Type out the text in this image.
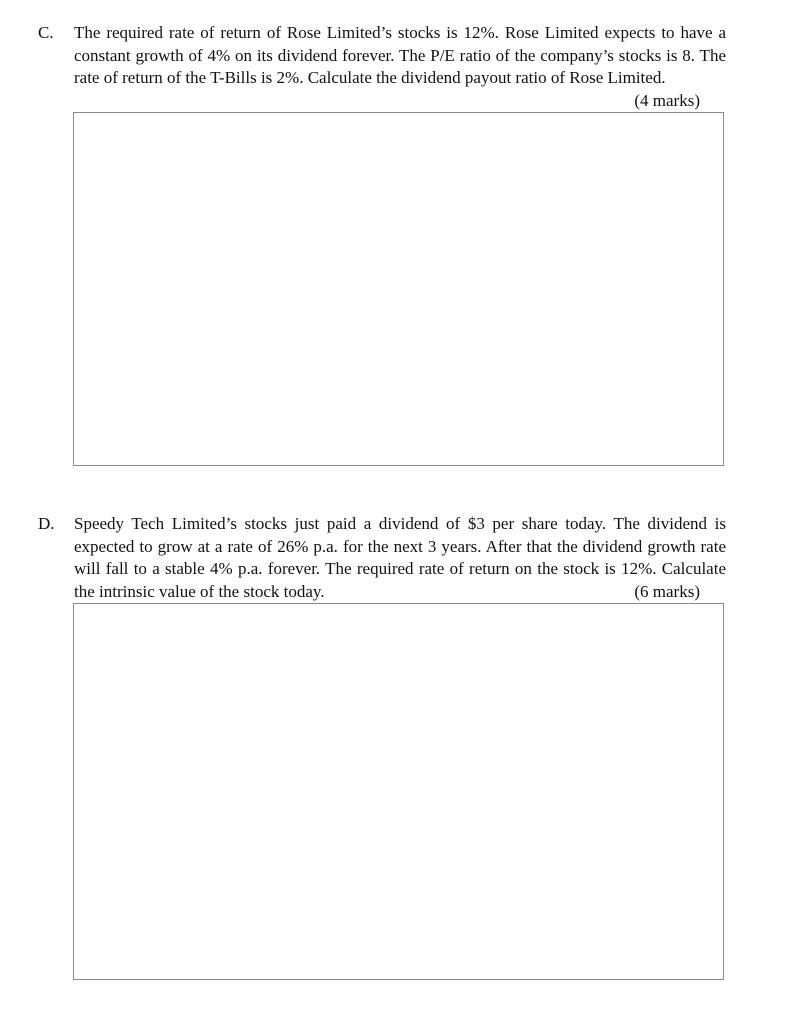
C. The required rate of return of Rose Limited’s stocks is 12%. Rose Limited expects to have a constant growth of 4% on its dividend forever. The P/E ratio of the company’s stocks is 8. The rate of return of the T-Bills is 2%. Calculate the dividend payout ratio of Rose Limited.
(4 marks)
D. Speedy Tech Limited’s stocks just paid a dividend of $3 per share today. The dividend is expected to grow at a rate of 26% p.a. for the next 3 years. After that the dividend growth rate will fall to a stable 4% p.a. forever. The required rate of return on the stock is 12%. Calculate the intrinsic value of the stock today.	(6 marks)
